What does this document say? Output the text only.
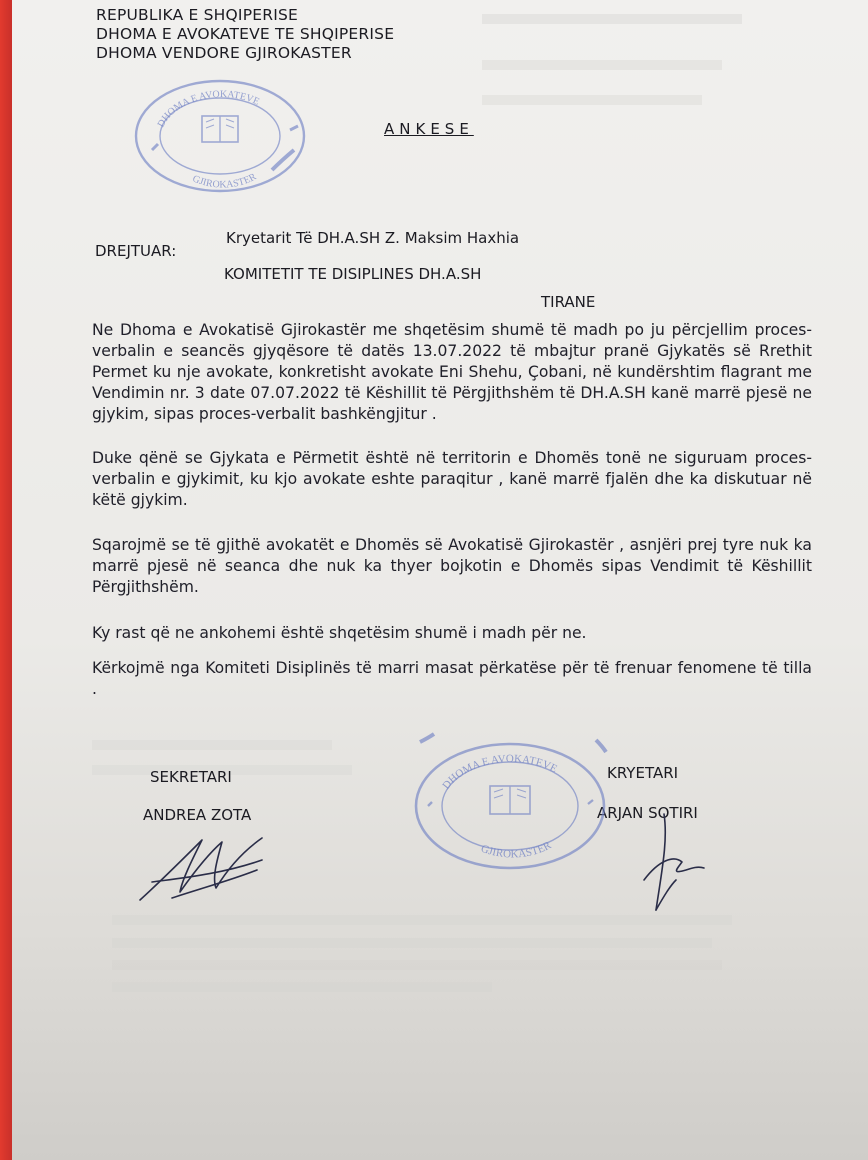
REPUBLIKA E SHQIPERISE
DHOMA E AVOKATEVE TE SHQIPERISE
DHOMA VENDORE GJIROKASTER
DHOMA E AVOKATEVE
GJIROKASTER
ANKESE
DREJTUAR:
Kryetarit Të DH.A.SH Z. Maksim Haxhia
KOMITETIT TE DISIPLINES DH.A.SH
TIRANE
Ne Dhoma e Avokatisë Gjirokastër me shqetësim shumë të madh po ju përcjellim proces-verbalin e seancës gjyqësore të datës 13.07.2022 të mbajtur pranë Gjykatës së Rrethit Permet ku nje avokate, konkretisht avokate Eni Shehu, Çobani, në kundërshtim flagrant me Vendimin nr. 3 date 07.07.2022 të Këshillit të Përgjithshëm të DH.A.SH kanë marrë pjesë ne gjykim, sipas proces-verbalit bashkëngjitur .
Duke qënë se Gjykata e Përmetit është në territorin e Dhomës tonë ne siguruam proces-verbalin e gjykimit, ku kjo avokate eshte paraqitur , kanë marrë fjalën dhe ka diskutuar në këtë gjykim.
Sqarojmë se të gjithë avokatët e Dhomës së Avokatisë Gjirokastër , asnjëri prej tyre nuk ka marrë pjesë në seanca dhe nuk ka thyer bojkotin e Dhomës sipas Vendimit të Këshillit Përgjithshëm.
Ky rast që ne ankohemi është shqetësim shumë i madh për ne.
Kërkojmë nga Komiteti Disiplinës të marri masat përkatëse për të frenuar fenomene të tilla .
SEKRETARI
ANDREA ZOTA
KRYETARI
ARJAN SOTIRI
DHOMA E AVOKATEVE
GJIROKASTER
